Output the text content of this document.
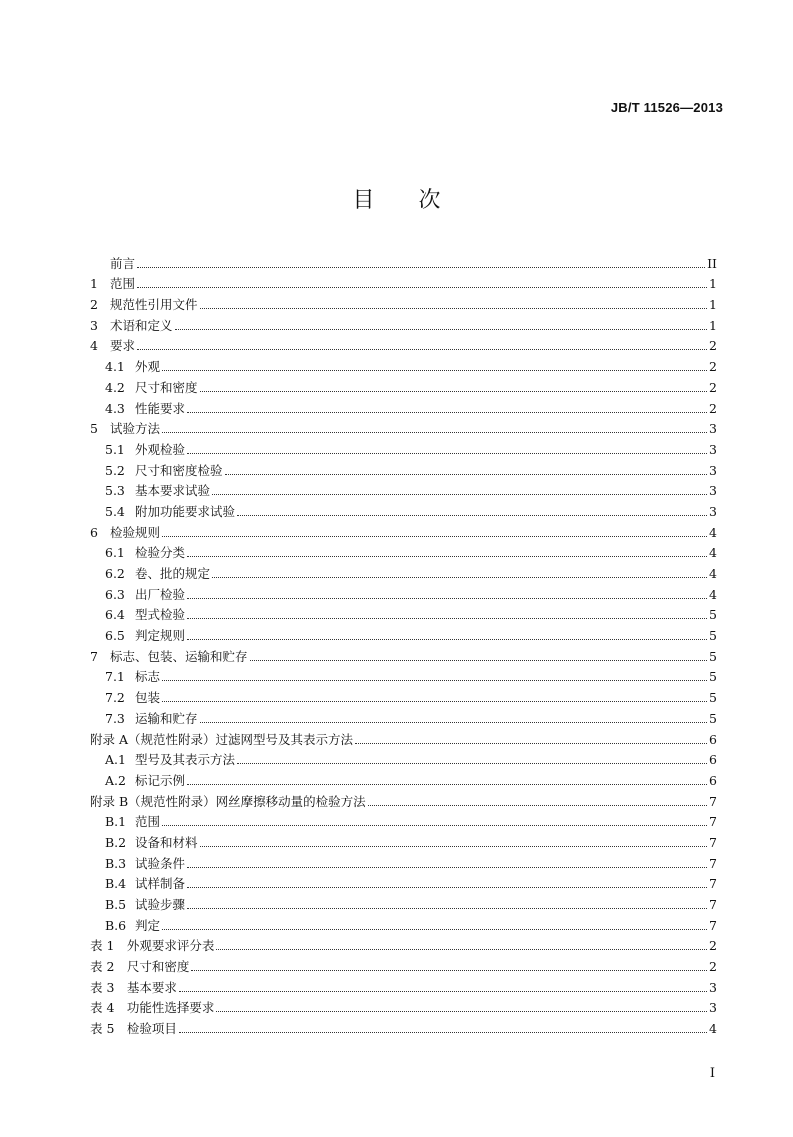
JB/T 11526—2013
目次
前言	II
1 范围	1
2 规范性引用文件	1
3 术语和定义	1
4 要求	2
4.1 外观	2
4.2 尺寸和密度	2
4.3 性能要求	2
5 试验方法	3
5.1 外观检验	3
5.2 尺寸和密度检验	3
5.3 基本要求试验	3
5.4 附加功能要求试验	3
6 检验规则	4
6.1 检验分类	4
6.2 卷、批的规定	4
6.3 出厂检验	4
6.4 型式检验	5
6.5 判定规则	5
7 标志、包装、运输和贮存	5
7.1 标志	5
7.2 包装	5
7.3 运输和贮存	5
附录 A（规范性附录）过滤网型号及其表示方法	6
A.1 型号及其表示方法	6
A.2 标记示例	6
附录 B（规范性附录）网丝摩擦移动量的检验方法	7
B.1 范围	7
B.2 设备和材料	7
B.3 试验条件	7
B.4 试样制备	7
B.5 试验步骤	7
B.6 判定	7
表 1　外观要求评分表	2
表 2　尺寸和密度	2
表 3　基本要求	3
表 4　功能性选择要求	3
表 5　检验项目	4
I
